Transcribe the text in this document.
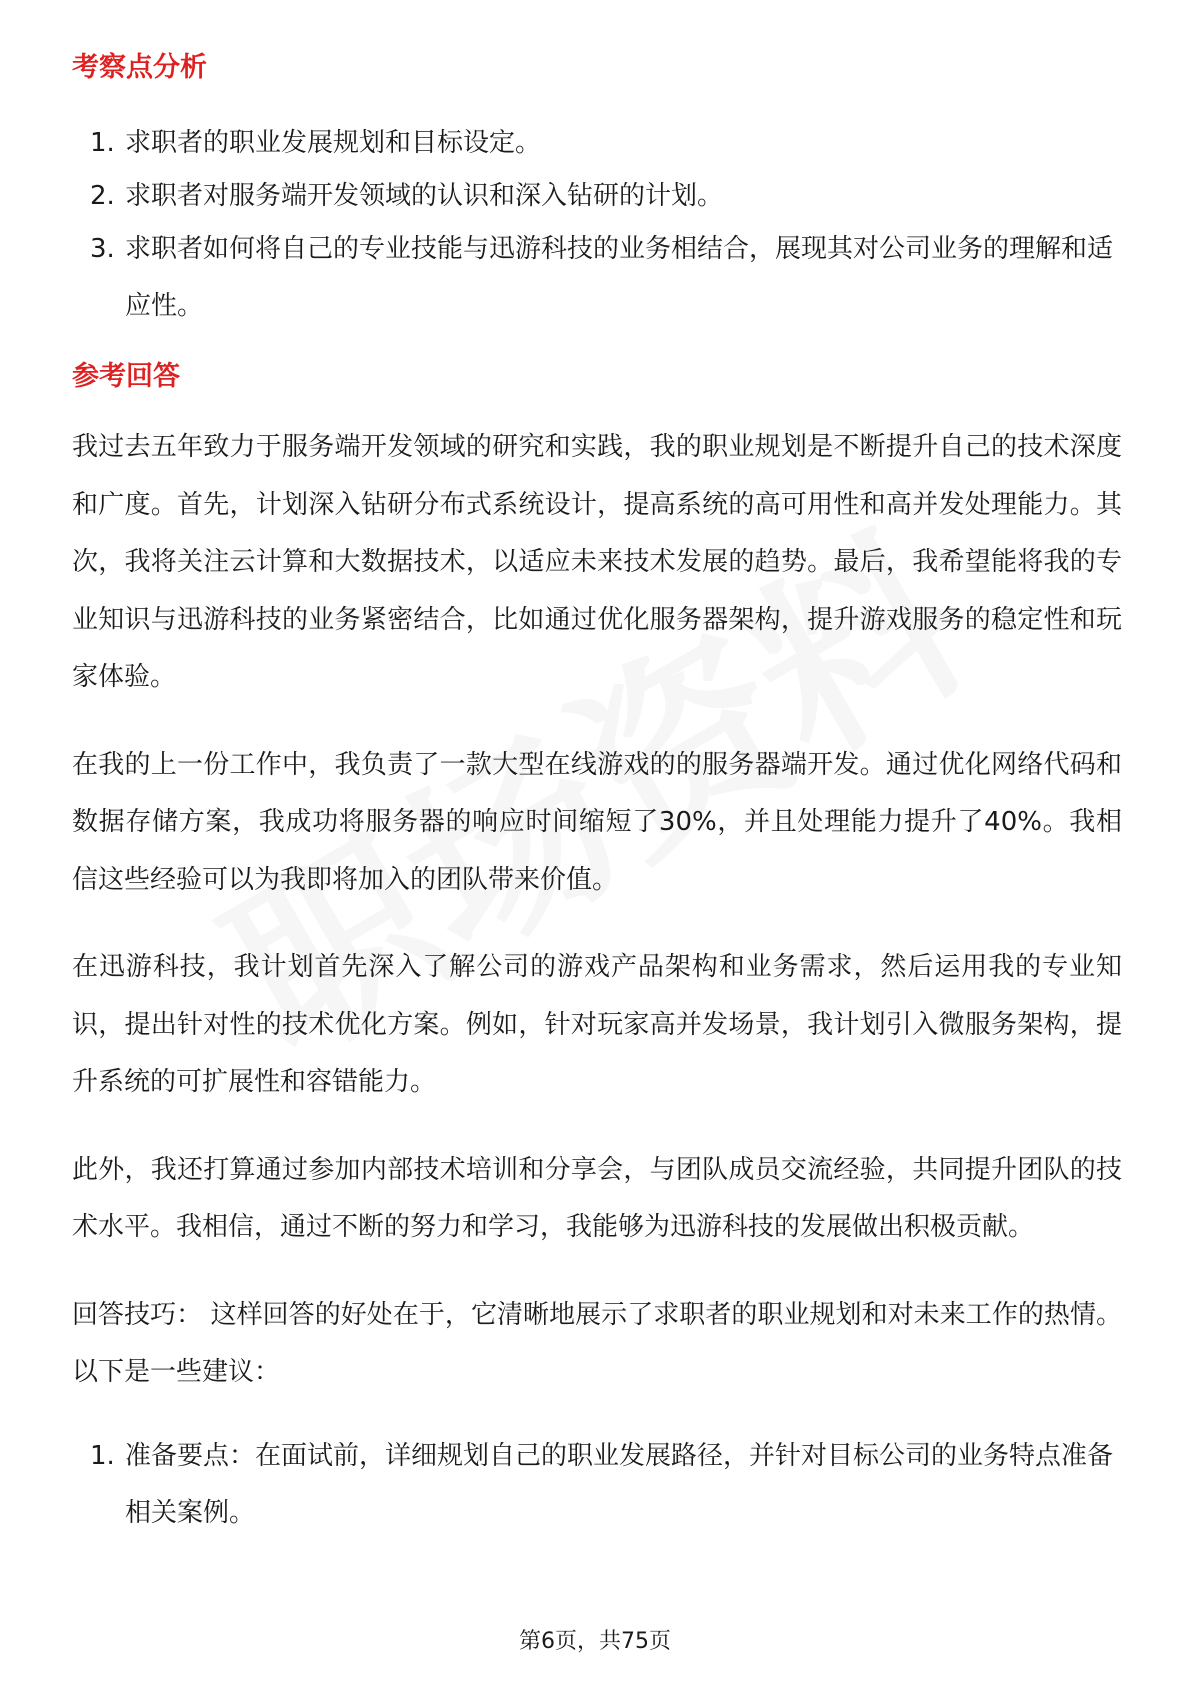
考察点分析
1. 求职者的职业发展规划和目标设定。
2. 求职者对服务端开发领域的认识和深入钻研的计划。
3. 求职者如何将自己的专业技能与迅游科技的业务相结合，展现其对公司业务的理解和适应性。
参考回答

我过去五年致力于服务端开发领域的研究和实践，我的职业规划是不断提升自己的技术深度和广度。首先，计划深入钻研分布式系统设计，提高系统的高可用性和高并发处理能力。其次，我将关注云计算和大数据技术，以适应未来技术发展的趋势。最后，我希望能将我的专业知识与迅游科技的业务紧密结合，比如通过优化服务器架构，提升游戏服务的稳定性和玩家体验。

在我的上一份工作中，我负责了一款大型在线游戏的的服务器端开发。通过优化网络代码和数据存储方案，我成功将服务器的响应时间缩短了30%，并且处理能力提升了40%。我相信这些经验可以为我即将加入的团队带来价值。

在迅游科技，我计划首先深入了解公司的游戏产品架构和业务需求，然后运用我的专业知识，提出针对性的技术优化方案。例如，针对玩家高并发场景，我计划引入微服务架构，提升系统的可扩展性和容错能力。

此外，我还打算通过参加内部技术培训和分享会，与团队成员交流经验，共同提升团队的技术水平。我相信，通过不断的努力和学习，我能够为迅游科技的发展做出积极贡献。

回答技巧： 这样回答的好处在于，它清晰地展示了求职者的职业规划和对未来工作的热情。以下是一些建议：

1. 准备要点：在面试前，详细规划自己的职业发展路径，并针对目标公司的业务特点准备相关案例。
第6页，共75页
